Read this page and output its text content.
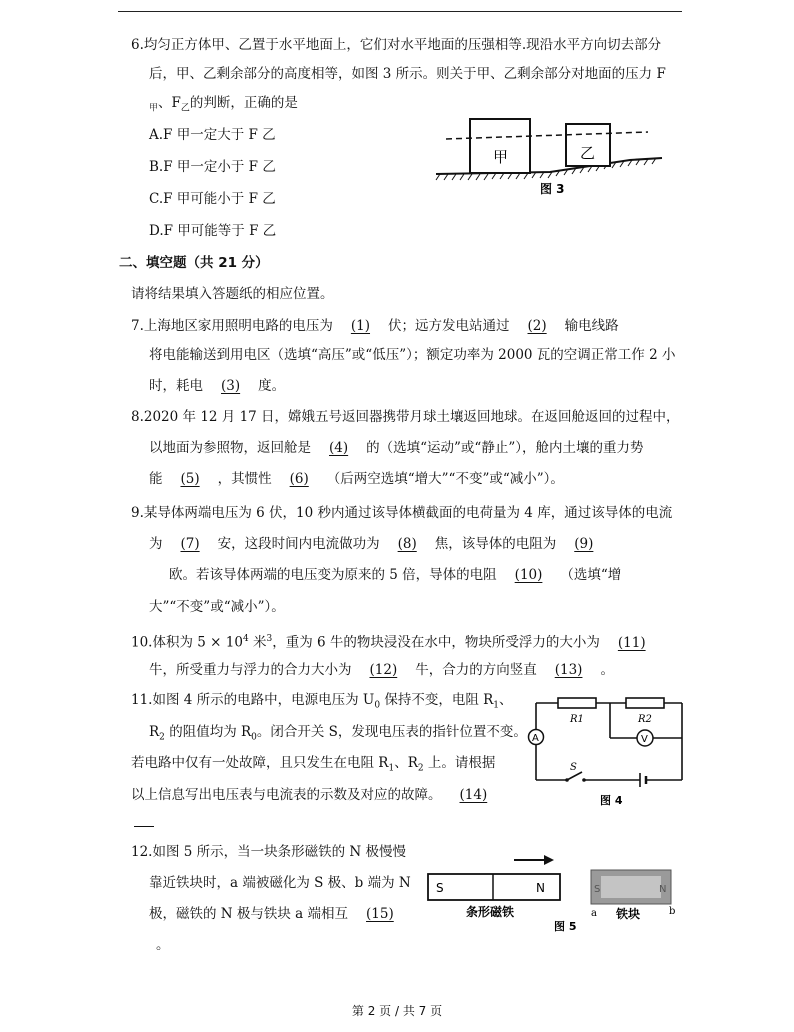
6.均匀正方体甲、乙置于水平地面上，它们对水平地面的压强相等.现沿水平方向切去部分
后，甲、乙剩余部分的高度相等，如图 3 所示。则关于甲、乙剩余部分对地面的压力 F
$_甲$、$F_乙$的判断，正确的是
A.F 甲一定大于 F 乙
B.F 甲一定小于 F 乙
C.F 甲可能小于 F 乙
D.F 甲可能等于 F 乙
甲	乙
图 3
二、填空题（共 21 分）
请将结果填入答题纸的相应位置。
7.上海地区家用照明电路的电压为 (1) 伏；远方发电站通过 (2) 输电线路
将电能输送到用电区（选填“高压”或“低压”）；额定功率为 2000 瓦的空调正常工作 2 小
时，耗电 (3) 度。
8.2020 年 12 月 17 日，嫦娥五号返回器携带月球土壤返回地球。在返回舱返回的过程中，
以地面为参照物，返回舱是 (4) 的（选填“运动”或“静止”），舱内土壤的重力势
能 (5) ，其惯性 (6) （后两空选填“增大”“不变”或“减小”）。
9.某导体两端电压为 6 伏，10 秒内通过该导体横截面的电荷量为 4 库，通过该导体的电流
为 (7) 安，这段时间内电流做功为 (8) 焦，该导体的电阻为 (9)
欧。若该导体两端的电压变为原来的 5 倍，导体的电阻 (10) （选填“增
大”“不变”或“减小”）。
10.体积为 $5 \times 10^4$ 米$^3$，重为 6 牛的物块浸没在水中，物块所受浮力的大小为 (11)
牛，所受重力与浮力的合力大小为 (12) 牛，合力的方向竖直 (13) 。
11.如图 4 所示的电路中，电源电压为 $U_0$ 保持不变，电阻 $R_1$、
$R_2$ 的阻值均为 $R_0$。闭合开关 S，发现电压表的指针位置不变。
若电路中仅有一处故障，且只发生在电阻 $R_1$、$R_2$ 上。请根据
以上信息写出电压表与电流表的示数及对应的故障。 (14)
A	V
R1	R2
S
图 4
12.如图 5 所示，当一块条形磁铁的 N 极慢慢
靠近铁块时，a 端被磁化为 S 极、b 端为 N
极，磁铁的 N 极与铁块 a 端相互 (15)
。
S	N
条形磁铁
S	N
a	b
铁块
图 5
第 2 页 / 共 7 页
